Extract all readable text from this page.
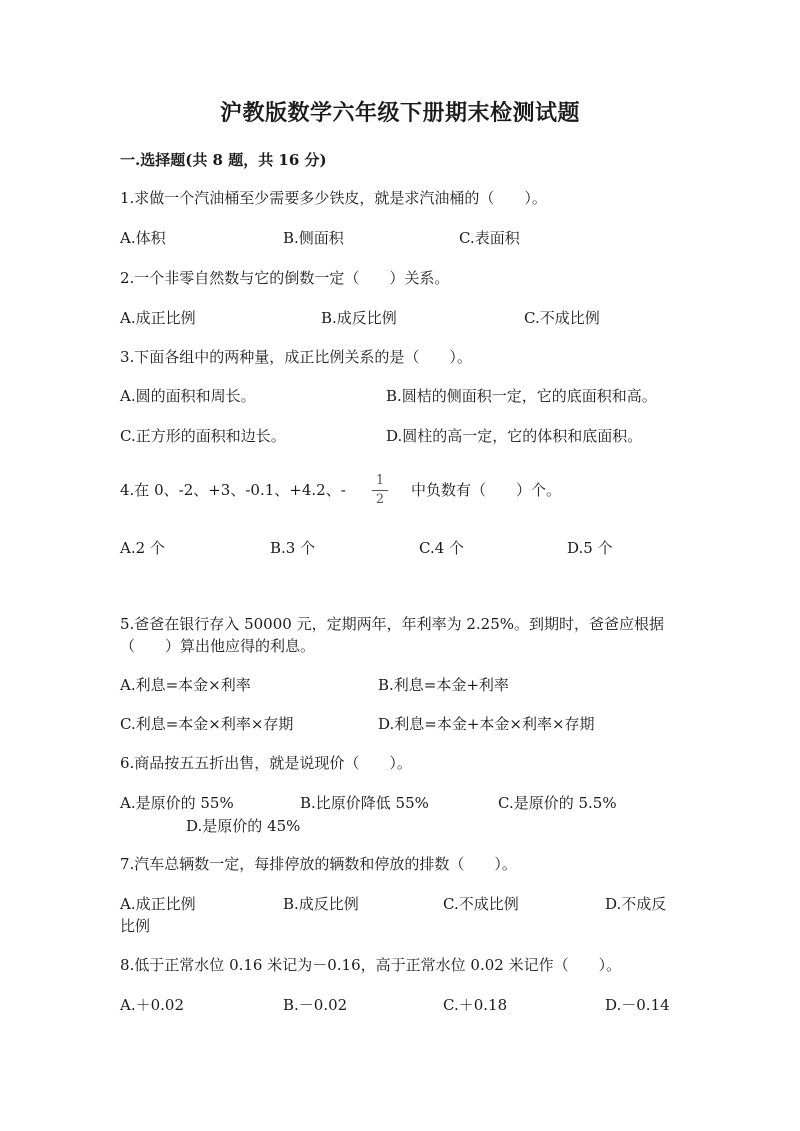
沪教版数学六年级下册期末检测试题
一.选择题(共 8 题，共 16 分)
1.求做一个汽油桶至少需要多少铁皮，就是求汽油桶的（　　）。
A.体积	B.侧面积	C.表面积
2.一个非零自然数与它的倒数一定（　　）关系。
A.成正比例	B.成反比例	C.不成比例
3.下面各组中的两种量，成正比例关系的是（　　）。
A.圆的面积和周长。	B.圆桔的侧面积一定，它的底面积和高。
C.正方形的面积和边长。	D.圆柱的高一定，它的体积和底面积。
4.在 0、-2、+3、-0.1、+4.2、-
1
2
中负数有（　　）个。
A.2 个	B.3 个	C.4 个	D.5 个
5.爸爸在银行存入 50000 元，定期两年，年利率为 2.25%。到期时，爸爸应根据（　　）算出他应得的利息。
A.利息=本金×利率	B.利息=本金+利率
C.利息=本金×利率×存期	D.利息=本金+本金×利率×存期
6.商品按五五折出售，就是说现价（　　）。
A.是原价的 55%	B.比原价降低 55%	C.是原价的 5.5%
D.是原价的 45%
7.汽车总辆数一定，每排停放的辆数和停放的排数（　　）。
A.成正比例	B.成反比例	C.不成比例	D.不成反
比例
8.低于正常水位 0.16 米记为－0.16，高于正常水位 0.02 米记作（　　）。
A.＋0.02	B.－0.02	C.＋0.18	D.－0.14
